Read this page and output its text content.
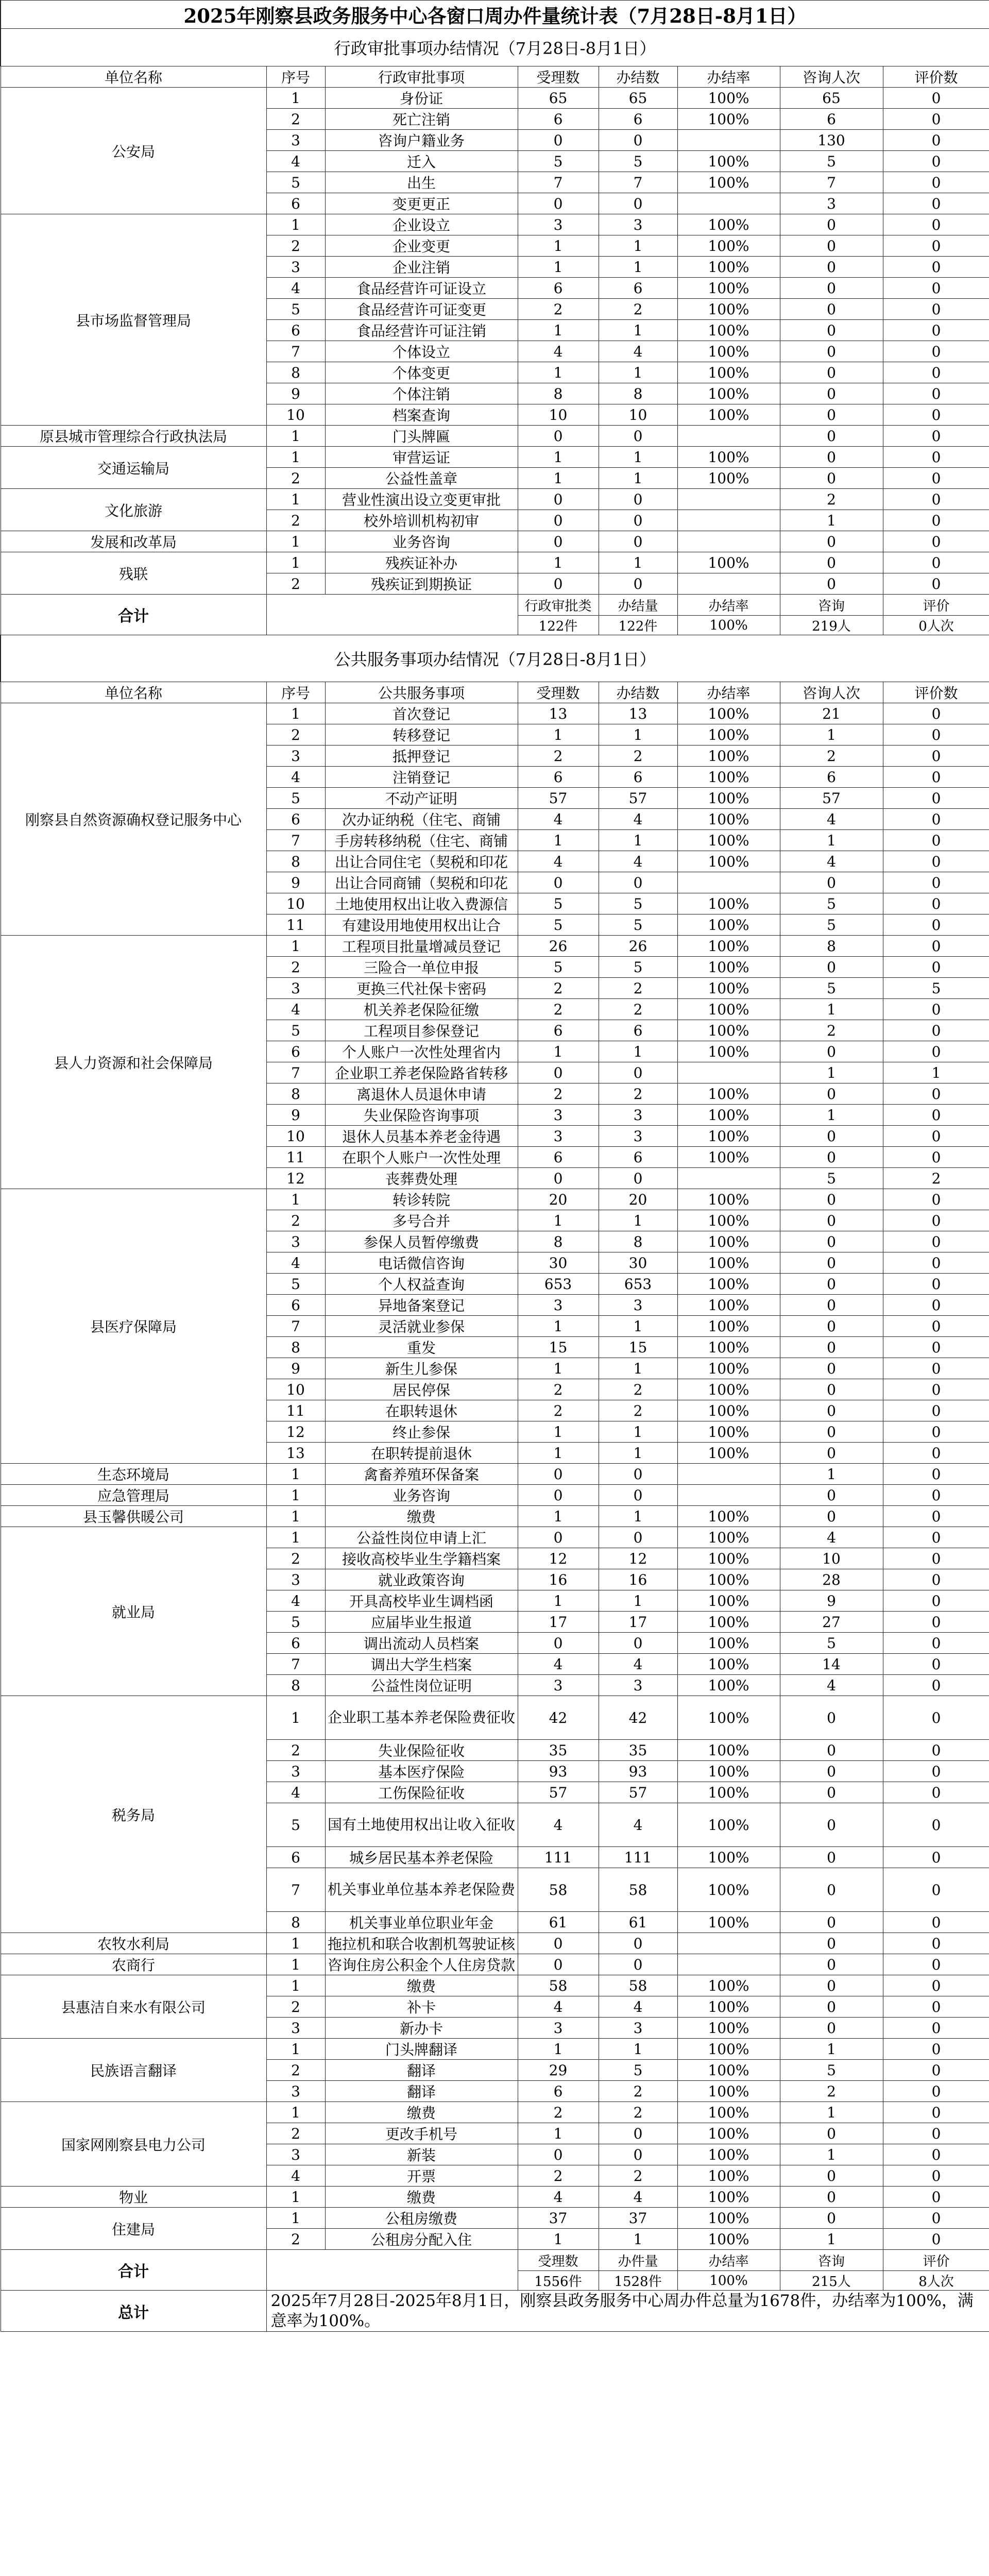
2025年刚察县政务服务中心各窗口周办件量统计表（7月28日-8月1日）							
行政审批事项办结情况（7月28日-8月1日）							
单位名称	序号	行政审批事项	受理数	办结数	办结率	咨询人次	评价数
公安局	1	身份证	65	65	100%	65	0
	2	死亡注销	6	6	100%	6	0
	3	咨询户籍业务	0	0		130	0
	4	迁入	5	5	100%	5	0
	5	出生	7	7	100%	7	0
	6	变更更正	0	0		3	0
县市场监督管理局	1	企业设立	3	3	100%	0	0
	2	企业变更	1	1	100%	0	0
	3	企业注销	1	1	100%	0	0
	4	食品经营许可证设立	6	6	100%	0	0
	5	食品经营许可证变更	2	2	100%	0	0
	6	食品经营许可证注销	1	1	100%	0	0
	7	个体设立	4	4	100%	0	0
	8	个体变更	1	1	100%	0	0
	9	个体注销	8	8	100%	0	0
	10	档案查询	10	10	100%	0	0
原县城市管理综合行政执法局	1	门头牌匾	0	0		0	0
交通运输局	1	审营运证	1	1	100%	0	0
	2	公益性盖章	1	1	100%	0	0
文化旅游	1	营业性演出设立变更审批	0	0		2	0
	2	校外培训机构初审	0	0		1	0
发展和改革局	1	业务咨询	0	0		0	0
残联	1	残疾证补办	1	1	100%	0	0
	2	残疾证到期换证	0	0		0	0
合计			行政审批类	办结量	办结率	咨询	评价
			122件	122件	100%	219人	0人次
公共服务事项办结情况（7月28日-8月1日）							
单位名称	序号	公共服务事项	受理数	办结数	办结率	咨询人次	评价数
刚察县自然资源确权登记服务中心	1	首次登记	13	13	100%	21	0
	2	转移登记	1	1	100%	1	0
	3	抵押登记	2	2	100%	2	0
	4	注销登记	6	6	100%	6	0
	5	不动产证明	57	57	100%	57	0
	6	次办证纳税（住宅、商铺	4	4	100%	4	0
	7	手房转移纳税（住宅、商铺	1	1	100%	1	0
	8	出让合同住宅（契税和印花	4	4	100%	4	0
	9	出让合同商铺（契税和印花	0	0		0	0
	10	土地使用权出让收入费源信	5	5	100%	5	0
	11	有建设用地使用权出让合	5	5	100%	5	0
县人力资源和社会保障局	1	工程项目批量增减员登记	26	26	100%	8	0
	2	三险合一单位申报	5	5	100%	0	0
	3	更换三代社保卡密码	2	2	100%	5	5
	4	机关养老保险征缴	2	2	100%	1	0
	5	工程项目参保登记	6	6	100%	2	0
	6	个人账户一次性处理省内	1	1	100%	0	0
	7	企业职工养老保险路省转移	0	0		1	1
	8	离退休人员退休申请	2	2	100%	0	0
	9	失业保险咨询事项	3	3	100%	1	0
	10	退休人员基本养老金待遇	3	3	100%	0	0
	11	在职个人账户一次性处理	6	6	100%	0	0
	12	丧葬费处理	0	0		5	2
县医疗保障局	1	转诊转院	20	20	100%	0	0
	2	多号合并	1	1	100%	0	0
	3	参保人员暂停缴费	8	8	100%	0	0
	4	电话微信咨询	30	30	100%	0	0
	5	个人权益查询	653	653	100%	0	0
	6	异地备案登记	3	3	100%	0	0
	7	灵活就业参保	1	1	100%	0	0
	8	重发	15	15	100%	0	0
	9	新生儿参保	1	1	100%	0	0
	10	居民停保	2	2	100%	0	0
	11	在职转退休	2	2	100%	0	0
	12	终止参保	1	1	100%	0	0
	13	在职转提前退休	1	1	100%	0	0
生态环境局	1	禽畜养殖环保备案	0	0		1	0
应急管理局	1	业务咨询	0	0		0	0
县玉馨供暖公司	1	缴费	1	1	100%	0	0
就业局	1	公益性岗位申请上汇	0	0	100%	4	0
	2	接收高校毕业生学籍档案	12	12	100%	10	0
	3	就业政策咨询	16	16	100%	28	0
	4	开具高校毕业生调档函	1	1	100%	9	0
	5	应届毕业生报道	17	17	100%	27	0
	6	调出流动人员档案	0	0	100%	5	0
	7	调出大学生档案	4	4	100%	14	0
	8	公益性岗位证明	3	3	100%	4	0
税务局	1	企业职工基本养老保险费征收	42	42	100%	0	0
	2	失业保险征收	35	35	100%	0	0
	3	基本医疗保险	93	93	100%	0	0
	4	工伤保险征收	57	57	100%	0	0
	5	国有土地使用权出让收入征收	4	4	100%	0	0
	6	城乡居民基本养老保险	111	111	100%	0	0
	7	机关事业单位基本养老保险费	58	58	100%	0	0
	8	机关事业单位职业年金	61	61	100%	0	0
农牧水利局	1	拖拉机和联合收割机驾驶证核	0	0		0	0
农商行	1	咨询住房公积金个人住房贷款	0	0		0	0
县惠洁自来水有限公司	1	缴费	58	58	100%	0	0
	2	补卡	4	4	100%	0	0
	3	新办卡	3	3	100%	0	0
民族语言翻译	1	门头牌翻译	1	1	100%	1	0
	2	翻译	29	5	100%	5	0
	3	翻译	6	2	100%	2	0
国家网刚察县电力公司	1	缴费	2	2	100%	1	0
	2	更改手机号	1	0	100%	0	0
	3	新装	0	0	100%	1	0
	4	开票	2	2	100%	0	0
物业	1	缴费	4	4	100%	0	0
住建局	1	公租房缴费	37	37	100%	0	0
	2	公租房分配入住	1	1	100%	1	0
合计			受理数	办件量	办结率	咨询	评价
			1556件	1528件	100%	215人	8人次
总计	2025年7月28日-2025年8月1日，刚察县政务服务中心周办件总量为1678件，办结率为100%，满意率为100%。						
